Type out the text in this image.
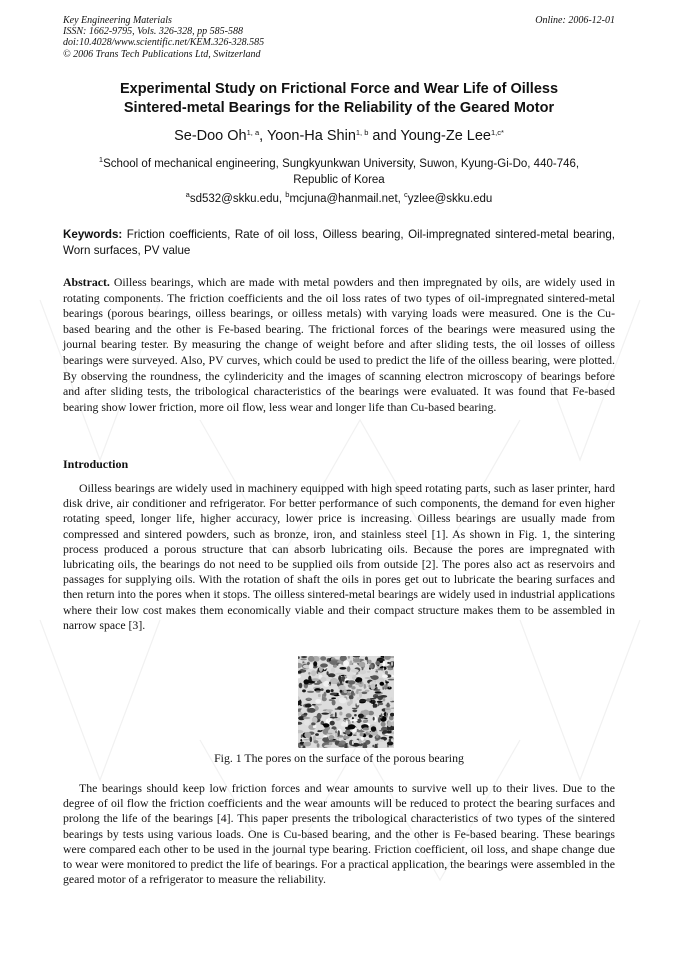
Key Engineering Materials
ISSN: 1662-9795, Vols. 326-328, pp 585-588
doi:10.4028/www.scientific.net/KEM.326-328.585
© 2006 Trans Tech Publications Ltd, Switzerland
Online: 2006-12-01
Experimental Study on Frictional Force and Wear Life of Oilless
Sintered-metal Bearings for the Reliability of the Geared Motor
Se-Doo Oh$^{1, a}$, Yoon-Ha Shin$^{1, b}$ and Young-Ze Lee$^{1,c*}$
$^1$School of mechanical engineering, Sungkyunkwan University, Suwon, Kyung-Gi-Do, 440-746,
Republic of Korea
$^a$sd532@skku.edu, $^b$mcjuna@hanmail.net, $^c$yzlee@skku.edu
Keywords: Friction coefficients, Rate of oil loss, Oilless bearing, Oil-impregnated sintered-metal bearing, Worn surfaces, PV value
Abstract. Oilless bearings, which are made with metal powders and then impregnated by oils, are widely used in rotating components. The friction coefficients and the oil loss rates of two types of oil-impregnated sintered-metal bearings (porous bearings, oilless bearings, or oilless metals) with varying loads were measured. One is the Cu-based bearing and the other is Fe-based bearing. The frictional forces of the bearings were measured using the journal bearing tester. By measuring the change of weight before and after sliding tests, the oil losses of oilless bearings were surveyed. Also, PV curves, which could be used to predict the life of the oilless bearing, were plotted. By observing the roundness, the cylindericity and the images of scanning electron microscopy of bearings before and after sliding tests, the tribological characteristics of the bearings were evaluated. It was found that Fe-based bearing show lower friction, more oil flow, less wear and longer life than Cu-based bearing.
Introduction
Oilless bearings are widely used in machinery equipped with high speed rotating parts, such as laser printer, hard disk drive, air conditioner and refrigerator. For better performance of such components, the demand for even higher rotating speed, longer life, higher accuracy, lower price is increasing. Oilless bearings are usually made from compressed and sintered powders, such as bronze, iron, and stainless steel [1]. As shown in Fig. 1, the sintering process produced a porous structure that can absorb lubricating oils. Because the pores are impregnated with lubricating oils, the bearings do not need to be supplied oils from outside [2]. The pores also act as reservoirs and passages for supplying oils. With the rotation of shaft the oils in pores get out to lubricate the bearing surfaces and then return into the pores when it stops. The oilless sintered-metal bearings are widely used in industrial applications where their low cost makes them economically viable and their compact structure makes them to be assembled in narrow space [3].
Fig. 1 The pores on the surface of the porous bearing
The bearings should keep low friction forces and wear amounts to survive well up to their lives. Due to the degree of oil flow the friction coefficients and the wear amounts will be reduced to protect the bearing surfaces and prolong the life of the bearings [4]. This paper presents the tribological characteristics of two types of the sintered bearings by tests using various loads. One is Cu-based bearing, and the other is Fe-based bearing. These bearings were compared each other to be used in the journal type bearing. Friction coefficient, oil loss, and shape change due to wear were monitored to predict the life of bearings. For a practical application, the bearings were assembled in the geared motor of a refrigerator to measure the reliability.
